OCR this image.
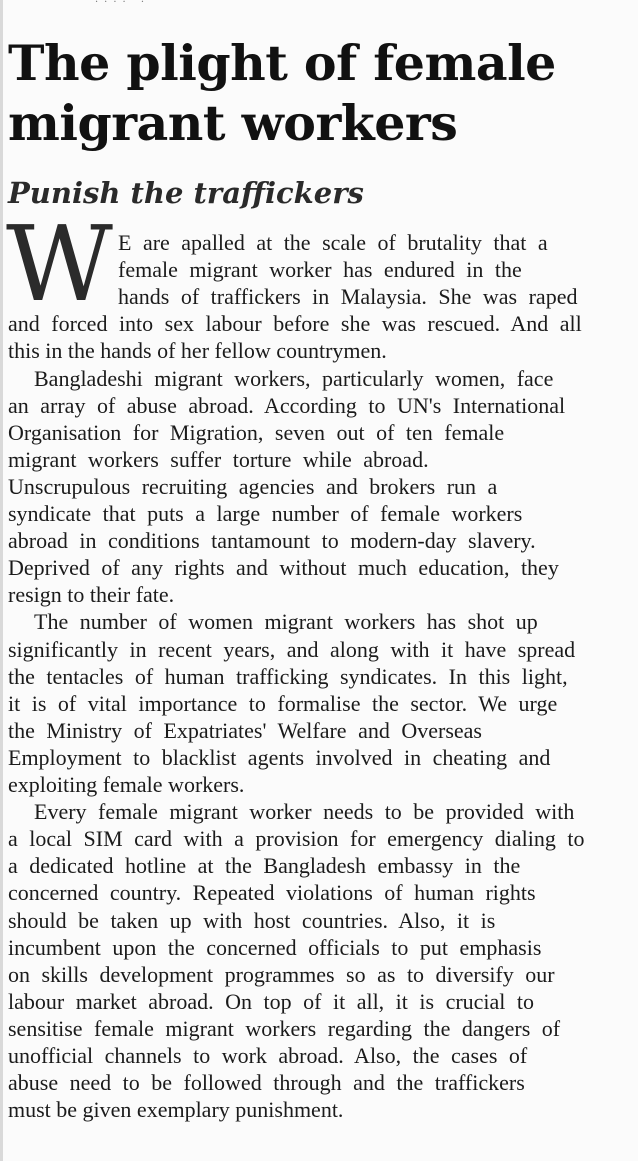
···· ·
The plight of female
migrant workers
Punish the traffickers
W E are apalled at the scale of brutality that a
female migrant worker has endured in the
hands of traffickers in Malaysia. She was raped
and forced into sex labour before she was rescued. And all
this in the hands of her fellow countrymen.
Bangladeshi migrant workers, particularly women, face
an array of abuse abroad. According to UN's International
Organisation for Migration, seven out of ten female
migrant workers suffer torture while abroad.
Unscrupulous recruiting agencies and brokers run a
syndicate that puts a large number of female workers
abroad in conditions tantamount to modern-day slavery.
Deprived of any rights and without much education, they
resign to their fate.
The number of women migrant workers has shot up
significantly in recent years, and along with it have spread
the tentacles of human trafficking syndicates. In this light,
it is of vital importance to formalise the sector. We urge
the Ministry of Expatriates' Welfare and Overseas
Employment to blacklist agents involved in cheating and
exploiting female workers.
Every female migrant worker needs to be provided with
a local SIM card with a provision for emergency dialing to
a dedicated hotline at the Bangladesh embassy in the
concerned country. Repeated violations of human rights
should be taken up with host countries. Also, it is
incumbent upon the concerned officials to put emphasis
on skills development programmes so as to diversify our
labour market abroad. On top of it all, it is crucial to
sensitise female migrant workers regarding the dangers of
unofficial channels to work abroad. Also, the cases of
abuse need to be followed through and the traffickers
must be given exemplary punishment.
